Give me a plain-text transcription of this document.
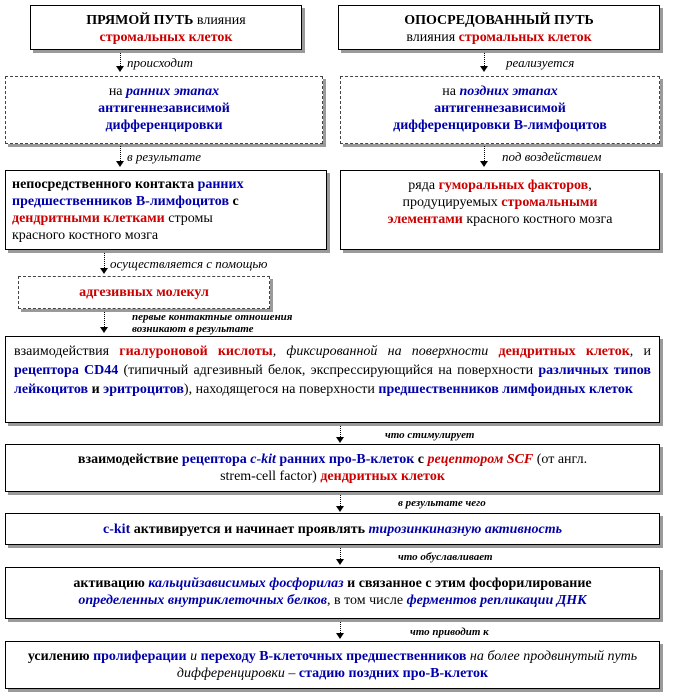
ПРЯМОЙ ПУТЬ влияния
стромальных клеток
происходит
на ранних этапах
антигеннезависимой
дифференцировки
в результате
непосредственного контакта ранних
предшественников В-лимфоцитов с
дендритными клетками стромы
красного костного мозга
осуществляется с помощью
адгезивных молекул
первые контактные отношения
возникают в результате
ОПОСРЕДОВАННЫЙ ПУТЬ
влияния стромальных клеток
реализуется
на поздних этапах
антигеннезависимой
дифференцировки В-лимфоцитов
под воздействием
ряда гуморальных факторов,
продуцируемых стромальными
элементами красного костного мозга
взаимодействия гиалуроновой кислоты, фиксированной на поверхности дендритных клеток, и рецептора CD44 (типичный адгезивный белок, экспрессирующийся на поверхности различных типов лейкоцитов и эритроцитов), находящегося на поверхности предшественников лимфоидных клеток
что стимулирует
взаимодействие рецептора c-kit ранних про-В-клеток с рецептором SCF (от англ.
strem-cell factor) дендритных клеток
в результате чего
c-kit активируется и начинает проявлять тирозинкиназную активность
что обуславливает
активацию кальцийзависимых фосфорилаз и связанное с этим фосфорилирование
определенных внутриклеточных белков, в том числе ферментов репликации ДНК
что приводит к
усилению пролиферации и переходу В-клеточных предшественников на более продвинутый путь дифференцировки – стадию поздних про-В-клеток
